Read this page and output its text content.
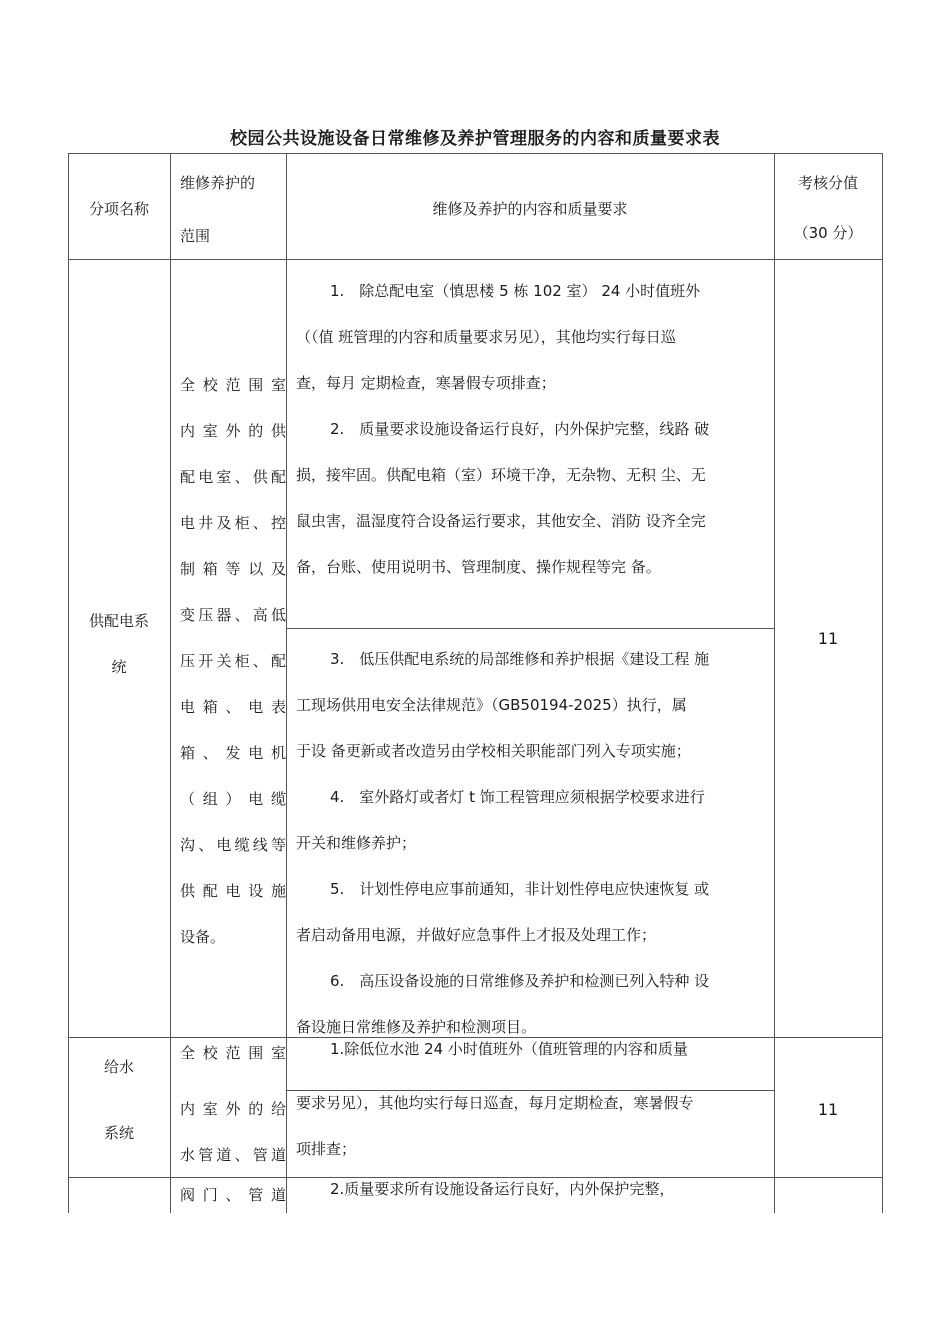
校园公共设施设备日常维修及养护管理服务的内容和质量要求表
分项名称
维修养护的
范围
维修及养护的内容和质量要求
考核分值
（30 分）
供配电系
统
全校范围室
内室外的供
配电室、供配
电井及柜、控
制箱等以及
变压器、高低
压开关柜、配
电箱、电表
箱、发电机
（组）电缆
沟、电缆线等
供配电设施
设备。
1.　除总配电室（慎思楼 5 栋 102 室） 24 小时值班外
（（值 班管理的内容和质量要求另见），其他均实行每日巡
查，每月 定期检查，寒暑假专项排查；
2.　质量要求设施设备运行良好，内外保护完整，线路 破
损，接牢固。供配电箱（室）环境干净，无杂物、无积 尘、无
鼠虫害，温湿度符合设备运行要求，其他安全、消防 设齐全完
备，台账、使用说明书、管理制度、操作规程等完 备。
3.　低压供配电系统的局部维修和养护根据《建设工程 施
工现场供用电安全法律规范》（GB50194-2025）执行，属
于设 备更新或者改造另由学校相关职能部门列入专项实施；
4.　室外路灯或者灯 t 饰工程管理应须根据学校要求进行
开关和维修养护；
5.　计划性停电应事前通知，非计划性停电应快速恢复 或
者启动备用电源，并做好应急事件上才报及处理工作；
6.　高压设备设施的日常维修及养护和检测已列入特种 设
备设施日常维修及养护和检测项目。
11
给水
系统
全校范围室
内室外的给
水管道、管道
1.除低位水池 24 小时值班外（值班管理的内容和质量
要求另见），其他均实行每日巡查，每月定期检查，寒暑假专
项排查；
11
阀门、管道	2.质量要求所有设施设备运行良好，内外保护完整，
